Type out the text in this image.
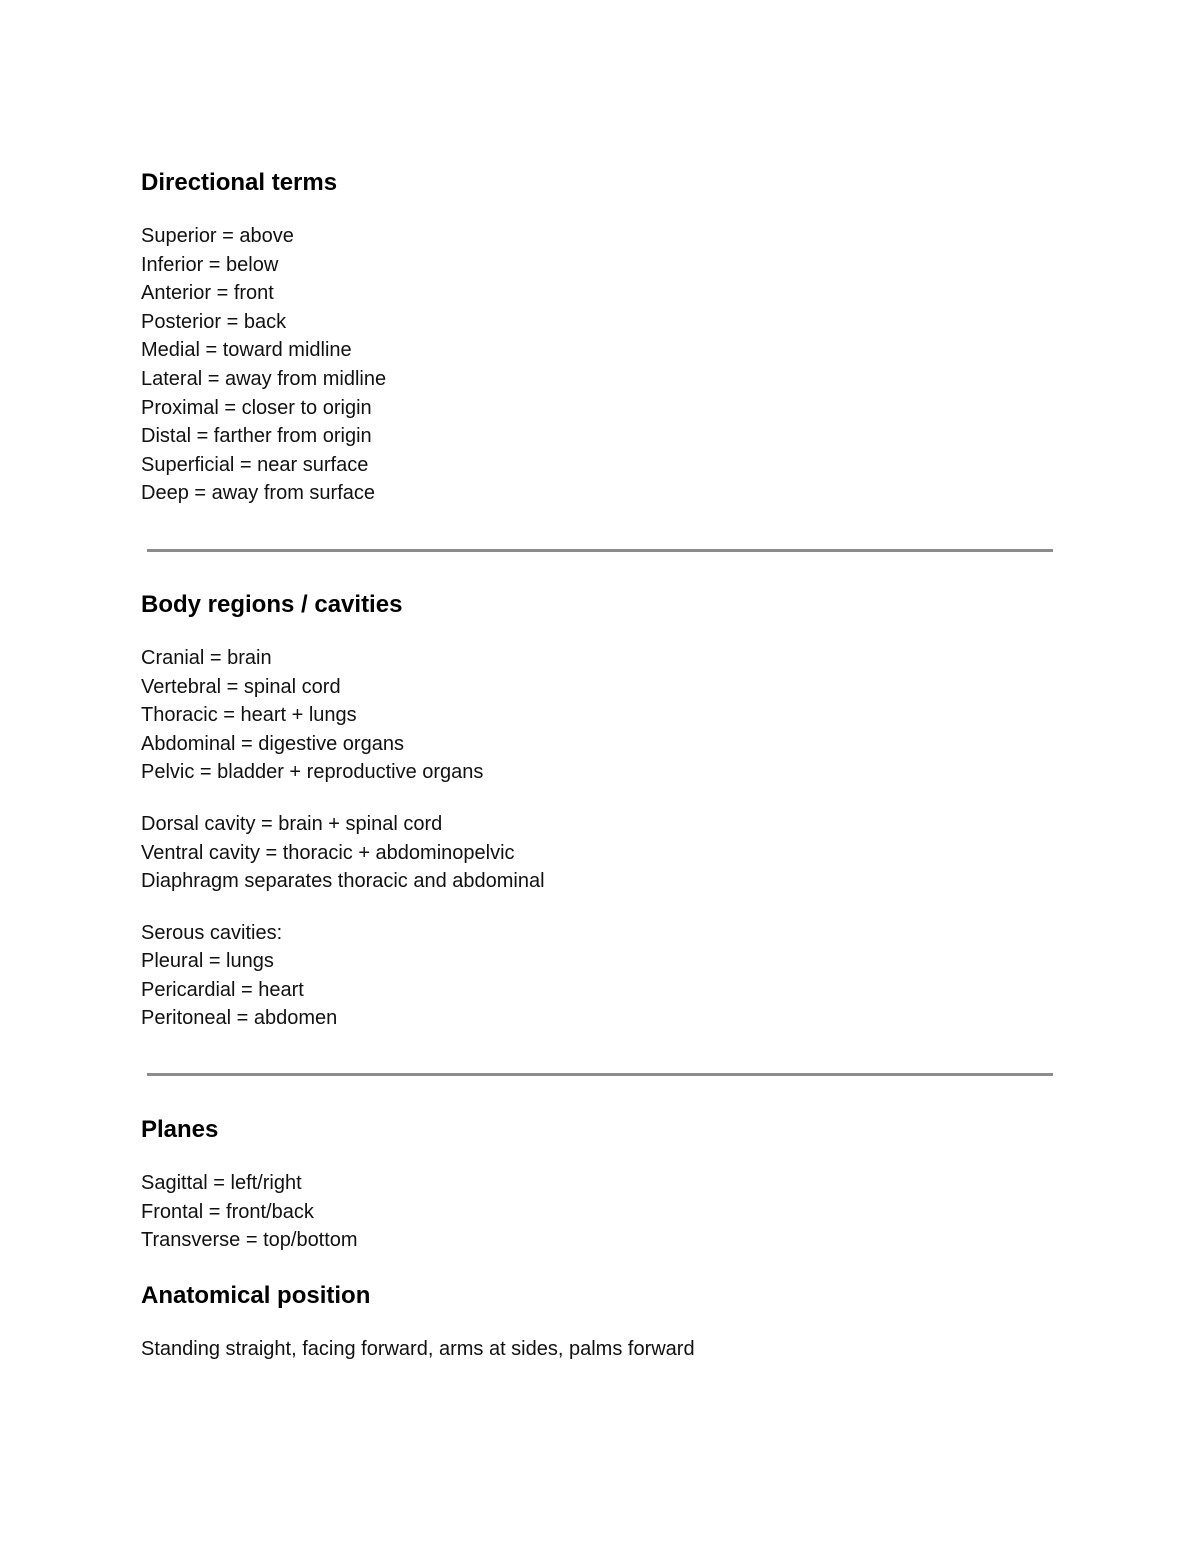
Directional terms
Superior = above
Inferior = below
Anterior = front
Posterior = back
Medial = toward midline
Lateral = away from midline
Proximal = closer to origin
Distal = farther from origin
Superficial = near surface
Deep = away from surface
Body regions / cavities
Cranial = brain
Vertebral = spinal cord
Thoracic = heart + lungs
Abdominal = digestive organs
Pelvic = bladder + reproductive organs
Dorsal cavity = brain + spinal cord
Ventral cavity = thoracic + abdominopelvic
Diaphragm separates thoracic and abdominal
Serous cavities:
Pleural = lungs
Pericardial = heart
Peritoneal = abdomen
Planes
Sagittal = left/right
Frontal = front/back
Transverse = top/bottom
Anatomical position
Standing straight, facing forward, arms at sides, palms forward
